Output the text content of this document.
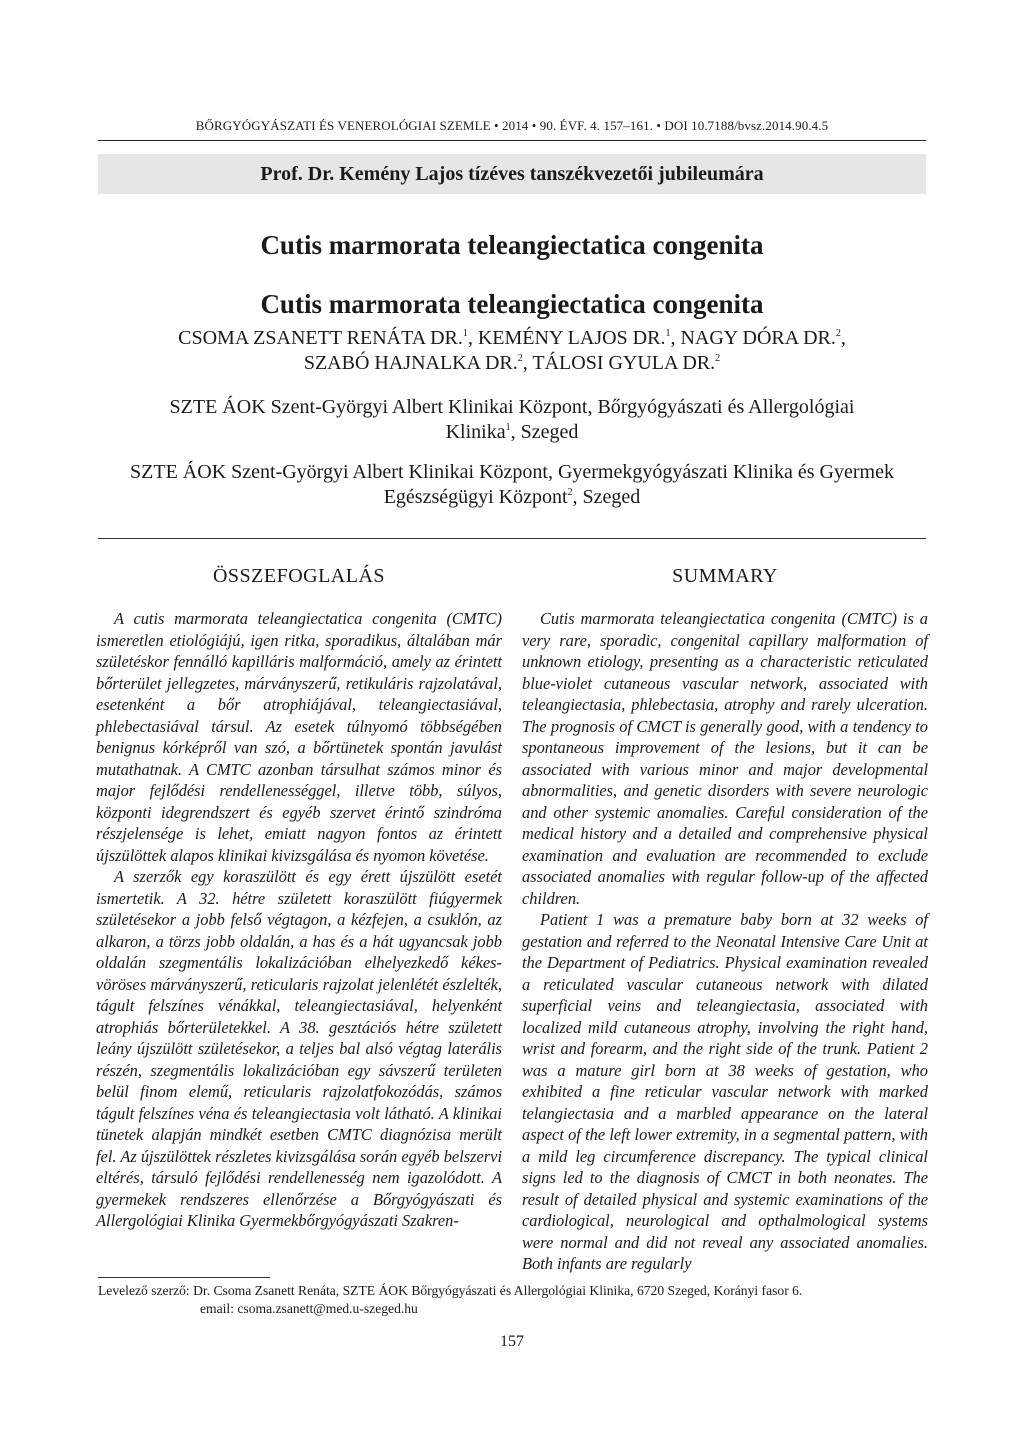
BŐRGYÓGYÁSZATI ÉS VENEROLÓGIAI SZEMLE • 2014 • 90. ÉVF. 4. 157–161. • DOI 10.7188/bvsz.2014.90.4.5
Prof. Dr. Kemény Lajos tízéves tanszékvezetői jubileumára
Cutis marmorata teleangiectatica congenita
Cutis marmorata teleangiectatica congenita
CSOMA ZSANETT RENÁTA DR.$^1$, KEMÉNY LAJOS DR.$^1$, NAGY DÓRA DR.$^2$,
SZABÓ HAJNALKA DR.$^2$, TÁLOSI GYULA DR.$^2$
SZTE ÁOK Szent-Györgyi Albert Klinikai Központ, Bőrgyógyászati és Allergológiai
Klinika$^1$, Szeged
SZTE ÁOK Szent-Györgyi Albert Klinikai Központ, Gyermekgyógyászati Klinika és Gyermek
Egészségügyi Központ$^2$, Szeged
ÖSSZEFOGLALÁS

A cutis marmorata teleangiectatica congenita (CMTC) ismeretlen etiológiájú, igen ritka, sporadikus, általában már születéskor fennálló kapilláris malformáció, amely az érintett bőrterület jellegzetes, márványszerű, retikuláris rajzolatával, esetenként a bőr atrophiájával, teleangiectasiával, phlebectasiával társul. Az esetek túlnyomó többségében benignus kórképről van szó, a bőrtünetek spontán javulást mutathatnak. A CMTC azonban társulhat számos minor és major fejlődési rendellenességgel, illetve több, súlyos, központi idegrendszert és egyéb szervet érintő szindróma részjelensége is lehet, emiatt nagyon fontos az érintett újszülöttek alapos klinikai kivizsgálása és nyomon követése.

A szerzők egy koraszülött és egy érett újszülött esetét ismertetik. A 32. hétre született koraszülött fiúgyermek születésekor a jobb felső végtagon, a kézfejen, a csuklón, az alkaron, a törzs jobb oldalán, a has és a hát ugyancsak jobb oldalán szegmentális lokalizációban elhelyezkedő kékes-vöröses márványszerű, reticularis rajzolat jelenlétét észlelték, tágult felszínes vénákkal, teleangiectasiával, helyenként atrophiás bőrterületekkel. A 38. gesztációs hétre született leány újszülött születésekor, a teljes bal alsó végtag laterális részén, szegmentális lokalizációban egy sávszerű területen belül finom elemű, reticularis rajzolatfokozódás, számos tágult felszínes véna és teleangiectasia volt látható. A klinikai tünetek alapján mindkét esetben CMTC diagnózisa merült fel. Az újszülöttek részletes kivizsgálása során egyéb belszervi eltérés, társuló fejlődési rendellenesség nem igazolódott. A gyermekek rendszeres ellenőrzése a Bőrgyógyászati és Allergológiai Klinika Gyermekbőrgyógyászati Szakren-

SUMMARY

Cutis marmorata teleangiectatica congenita (CMTC) is a very rare, sporadic, congenital capillary malformation of unknown etiology, presenting as a characteristic reticulated blue-violet cutaneous vascular network, associated with teleangiectasia, phlebectasia, atrophy and rarely ulceration. The prognosis of CMCT is generally good, with a tendency to spontaneous improvement of the lesions, but it can be associated with various minor and major developmental abnormalities, and genetic disorders with severe neurologic and other systemic anomalies. Careful consideration of the medical history and a detailed and comprehensive physical examination and evaluation are recommended to exclude associated anomalies with regular follow-up of the affected children.

Patient 1 was a premature baby born at 32 weeks of gestation and referred to the Neonatal Intensive Care Unit at the Department of Pediatrics. Physical examination revealed a reticulated vascular cutaneous network with dilated superficial veins and teleangiectasia, associated with localized mild cutaneous atrophy, involving the right hand, wrist and forearm, and the right side of the trunk. Patient 2 was a mature girl born at 38 weeks of gestation, who exhibited a fine reticular vascular network with marked telangiectasia and a marbled appearance on the lateral aspect of the left lower extremity, in a segmental pattern, with a mild leg circumference discrepancy. The typical clinical signs led to the diagnosis of CMCT in both neonates. The result of detailed physical and systemic examinations of the cardiological, neurological and opthalmological systems were normal and did not reveal any associated anomalies. Both infants are regularly

Levelező szerző: Dr. Csoma Zsanett Renáta, SZTE ÁOK Bőrgyógyászati és Allergológiai Klinika, 6720 Szeged, Korányi fasor 6.
email: csoma.zsanett@med.u-szeged.hu
157
